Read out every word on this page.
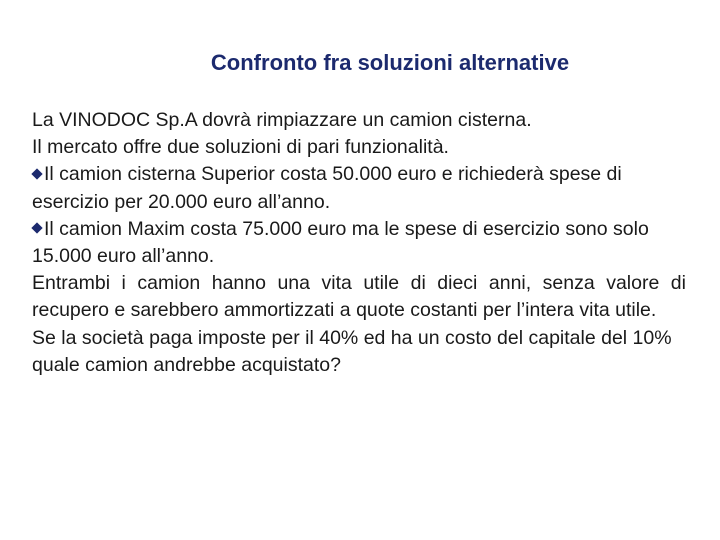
Confronto fra soluzioni alternative

La VINODOC Sp.A dovrà rimpiazzare un camion cisterna.

Il mercato offre due soluzioni di pari funzionalità.

Il camion cisterna Superior costa 50.000 euro e richiederà spese di esercizio per 20.000 euro all’anno.

Il camion Maxim costa 75.000 euro ma le spese di esercizio sono solo 15.000 euro all’anno.

Entrambi i camion hanno una vita utile di dieci anni, senza valore di recupero e sarebbero ammortizzati a quote costanti per l’intera vita utile.

Se la società paga imposte per il 40% ed ha un costo del capitale del 10% quale camion andrebbe acquistato?
